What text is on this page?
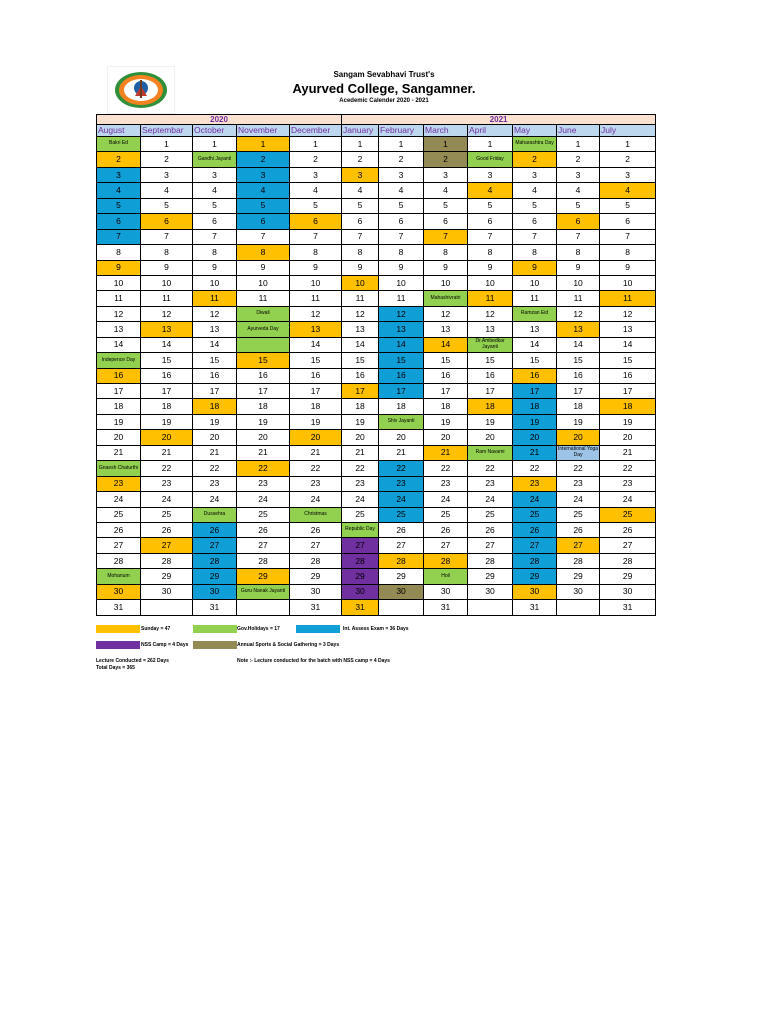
Sangam Sevabhavi Trust's
Ayurved College, Sangamner.
Acedemic Calender 2020 - 2021
2020					2021						
August	Septembar	October	November	December	January	February	March	April	May	June	July
Bakri Ed	1	1	1	1	1	1	1	1	Maharashtra Day	1	1
2	2	Gandhi Jayanti	2	2	2	2	2	Good Friday	2	2	2
3	3	3	3	3	3	3	3	3	3	3	3
4	4	4	4	4	4	4	4	4	4	4	4
5	5	5	5	5	5	5	5	5	5	5	5
6	6	6	6	6	6	6	6	6	6	6	6
7	7	7	7	7	7	7	7	7	7	7	7
8	8	8	8	8	8	8	8	8	8	8	8
9	9	9	9	9	9	9	9	9	9	9	9
10	10	10	10	10	10	10	10	10	10	10	10
11	11	11	11	11	11	11	Mahashivratri	11	11	11	11
12	12	12	Diwali	12	12	12	12	12	Ramzan Eid	12	12
13	13	13	Ayurveda Day	13	13	13	13	13	13	13	13
14	14	14		14	14	14	14	Dr.Ambedkar Jayanti	14	14	14
Indepence Day	15	15	15	15	15	15	15	15	15	15	15
16	16	16	16	16	16	16	16	16	16	16	16
17	17	17	17	17	17	17	17	17	17	17	17
18	18	18	18	18	18	18	18	18	18	18	18
19	19	19	19	19	19	Shiv Jayanti	19	19	19	19	19
20	20	20	20	20	20	20	20	20	20	20	20
21	21	21	21	21	21	21	21	Ram Navami	21	International Yoga Day	21
Gnaesh Chaturthi	22	22	22	22	22	22	22	22	22	22	22
23	23	23	23	23	23	23	23	23	23	23	23
24	24	24	24	24	24	24	24	24	24	24	24
25	25	Dussehra	25	Christmas	25	25	25	25	25	25	25
26	26	26	26	26	Republic Day	26	26	26	26	26	26
27	27	27	27	27	27	27	27	27	27	27	27
28	28	28	28	28	28	28	28	28	28	28	28
Mohanum	29	29	29	29	29	29	Holi	29	29	29	29
30	30	30	Guru Nanak Jayanti	30	30	30	30	30	30	30	30
31		31		31	31		31		31		31
Sunday = 47	Gov.Holidays = 17	Int. Assess Exam = 36 Days
NSS Camp = 4 Days	Annual Sports & Social Gathering = 3 Days
Lecture Conducted = 262 Days	Note :- Lecture conducted for the batch with NSS camp = 4 Days
Total Days = 365
